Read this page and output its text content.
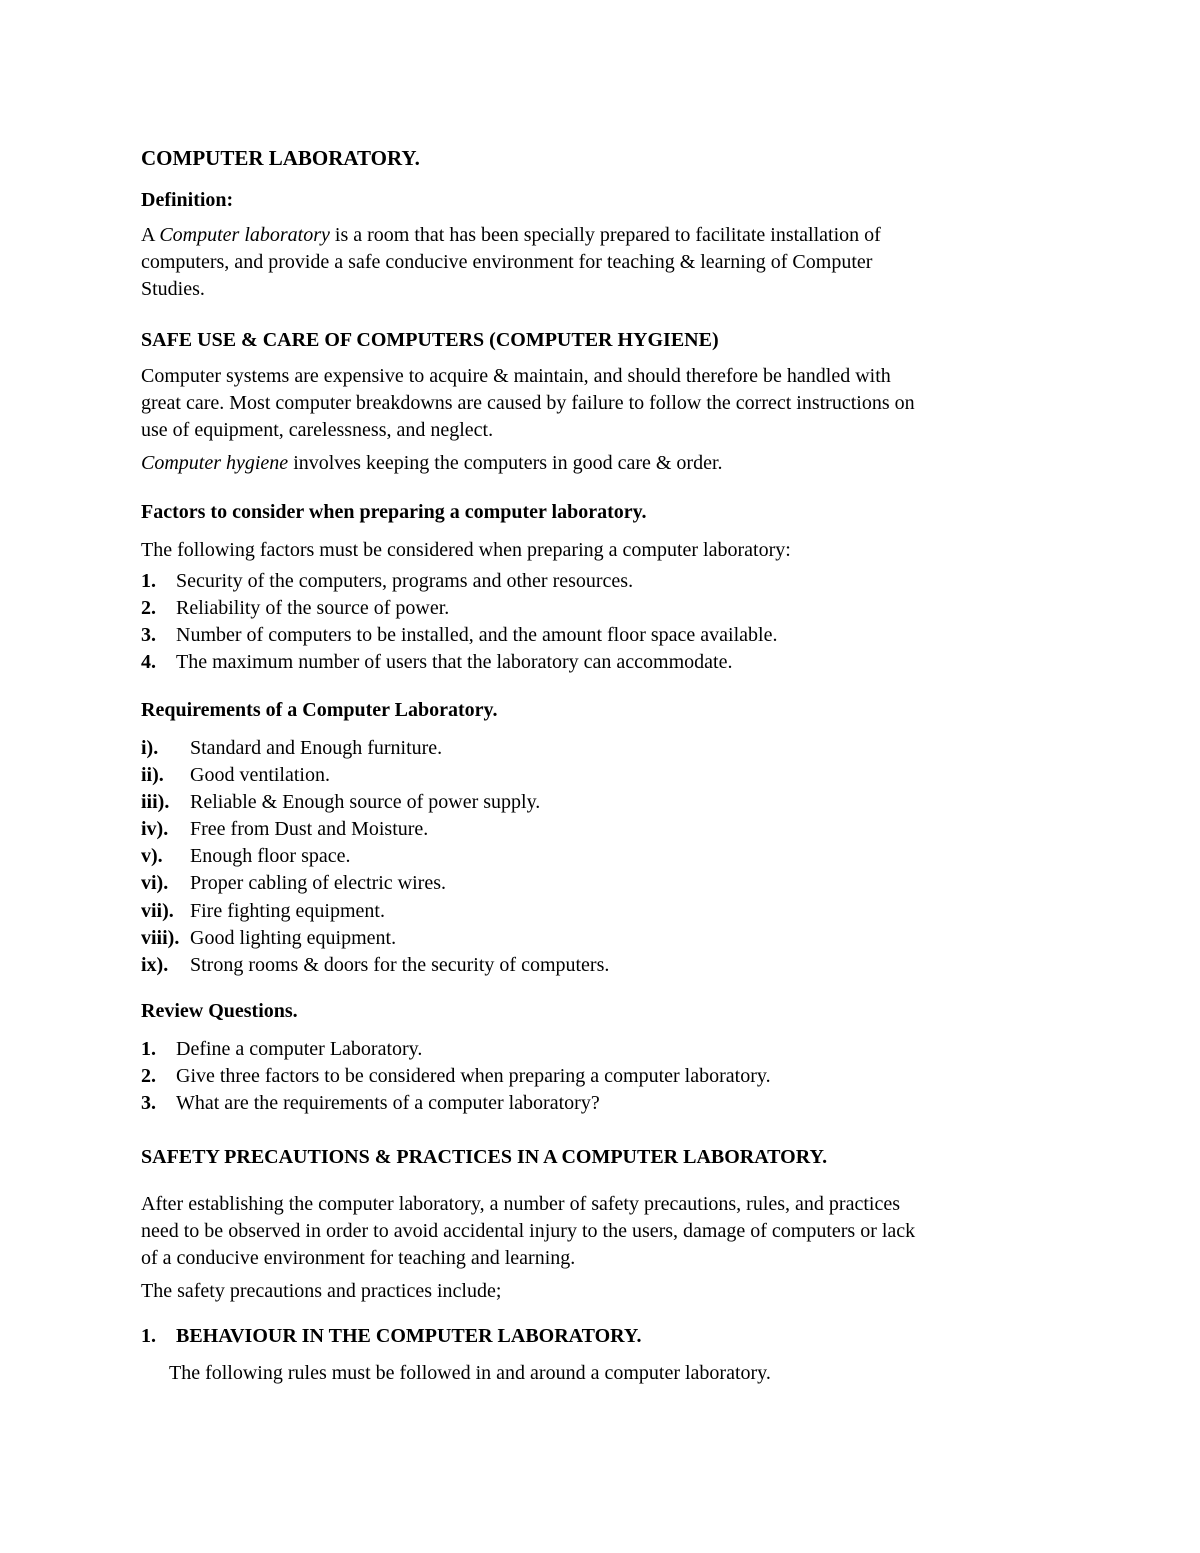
COMPUTER LABORATORY.
Definition:
A Computer laboratory is a room that has been specially prepared to facilitate installation of
computers, and provide a safe conducive environment for teaching & learning of Computer
Studies.
SAFE USE & CARE OF COMPUTERS (COMPUTER HYGIENE)
Computer systems are expensive to acquire & maintain, and should therefore be handled with
great care. Most computer breakdowns are caused by failure to follow the correct instructions on
use of equipment, carelessness, and neglect.
Computer hygiene involves keeping the computers in good care & order.
Factors to consider when preparing a computer laboratory.
The following factors must be considered when preparing a computer laboratory:
1. Security of the computers, programs and other resources.
2. Reliability of the source of power.
3. Number of computers to be installed, and the amount floor space available.
4. The maximum number of users that the laboratory can accommodate.
Requirements of a Computer Laboratory.
i). Standard and Enough furniture.
ii). Good ventilation.
iii). Reliable & Enough source of power supply.
iv). Free from Dust and Moisture.
v). Enough floor space.
vi). Proper cabling of electric wires.
vii). Fire fighting equipment.
viii). Good lighting equipment.
ix). Strong rooms & doors for the security of computers.
Review Questions.
1. Define a computer Laboratory.
2. Give three factors to be considered when preparing a computer laboratory.
3. What are the requirements of a computer laboratory?
SAFETY PRECAUTIONS & PRACTICES IN A COMPUTER LABORATORY.
After establishing the computer laboratory, a number of safety precautions, rules, and practices
need to be observed in order to avoid accidental injury to the users, damage of computers or lack
of a conducive environment for teaching and learning.
The safety precautions and practices include;
1. BEHAVIOUR IN THE COMPUTER LABORATORY.
The following rules must be followed in and around a computer laboratory.
